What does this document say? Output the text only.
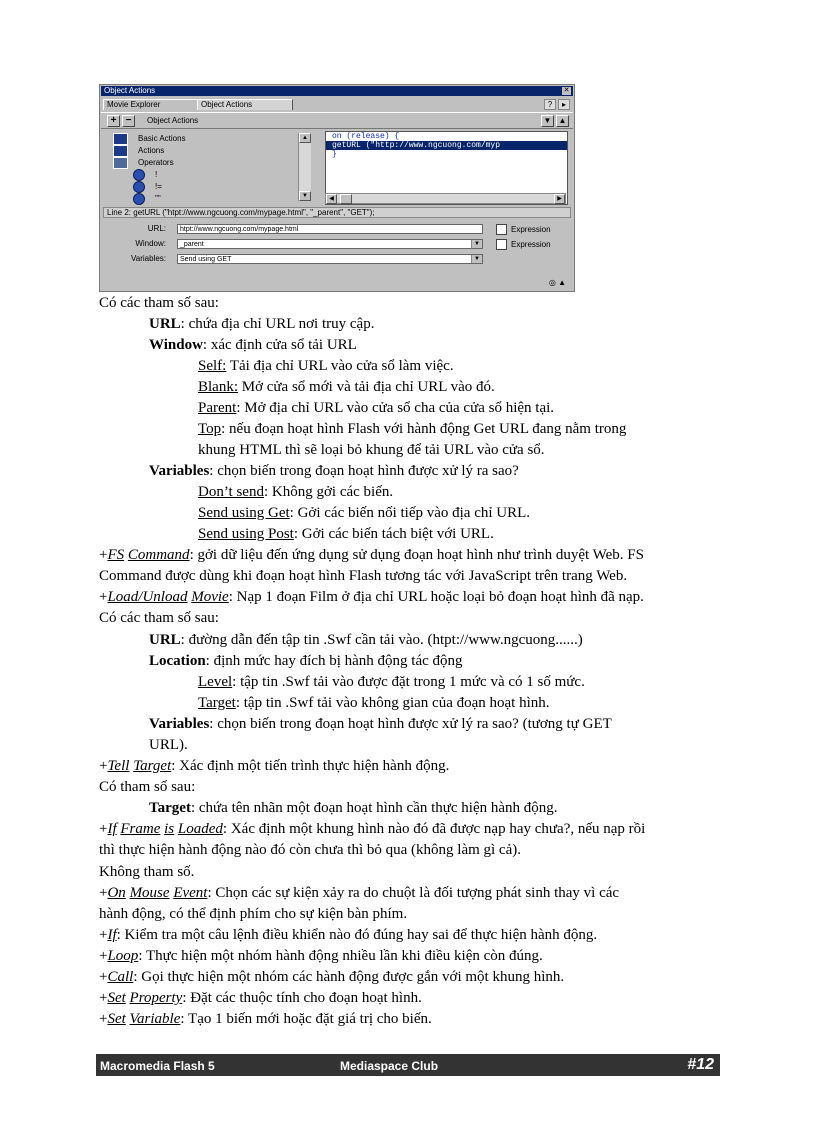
Object Actions	✕
Movie Explorer	Object Actions	? ▸
+ −	Object Actions	▼ ▲
Basic Actions
Actions
Operators
!
!=
""
▲
▼
on (release) {
getURL ("http://www.ngcuong.com/myp
}
◀	▶
Line 2: getURL ("htpt://www.ngcuong.com/mypage.html", "_parent", "GET");
URL:	htpt://www.ngcuong.com/mypage.html	Expression
Window:	_parent	▼	Expression
Variables:	Send using GET	▼
◎ ▲
Có các tham số sau:
URL: chứa địa chỉ URL nơi truy cập.
Window: xác định cửa sổ tải URL
Self: Tải địa chỉ URL vào cửa sổ làm việc.
Blank: Mở cửa sổ mới và tải địa chỉ URL vào đó.
Parent: Mở địa chỉ URL vào cửa sổ cha của cửa sổ hiện tại.
Top: nếu đoạn hoạt hình Flash với hành động Get URL đang nằm trong
khung HTML thì sẽ loại bỏ khung để tải URL vào cửa sổ.
Variables: chọn biến trong đoạn hoạt hình được xử lý ra sao?
Don’t send: Không gởi các biến.
Send using Get: Gởi các biến nối tiếp vào địa chỉ URL.
Send using Post: Gởi các biến tách biệt với URL.
+FS Command: gởi dữ liệu đến ứng dụng sử dụng đoạn hoạt hình như trình duyệt Web. FS
Command được dùng khi đoạn hoạt hình Flash tương tác với JavaScript trên trang Web.
+Load/Unload Movie: Nạp 1 đoạn Film ở địa chỉ URL hoặc loại bỏ đoạn hoạt hình đã nạp.
Có các tham số sau:
URL: đường dẫn đến tập tin .Swf cần tải vào. (htpt://www.ngcuong......)
Location: định mức hay đích bị hành động tác động
Level: tập tin .Swf tải vào được đặt trong 1 mức và có 1 số mức.
Target: tập tin .Swf tải vào không gian của đoạn hoạt hình.
Variables: chọn biến trong đoạn hoạt hình được xử lý ra sao? (tương tự GET
URL).
+Tell Target: Xác định một tiến trình thực hiện hành động.
Có tham số sau:
Target: chứa tên nhãn một đoạn hoạt hình cần thực hiện hành động.
+If Frame is Loaded: Xác định một khung hình nào đó đã được nạp hay chưa?, nếu nạp rồi
thì thực hiện hành động nào đó còn chưa thì bỏ qua (không làm gì cả).
Không tham số.
+On Mouse Event: Chọn các sự kiện xảy ra do chuột là đối tượng phát sinh thay vì các
hành động, có thể định phím cho sự kiện bàn phím.
+If: Kiểm tra một câu lệnh điều khiển nào đó đúng hay sai để thực hiện hành động.
+Loop: Thực hiện một nhóm hành động nhiều lần khi điều kiện còn đúng.
+Call: Gọi thực hiện một nhóm các hành động được gắn với một khung hình.
+Set Property: Đặt các thuộc tính cho đoạn hoạt hình.
+Set Variable: Tạo 1 biến mới hoặc đặt giá trị cho biến.
Macromedia Flash 5	Mediaspace Club	#12
